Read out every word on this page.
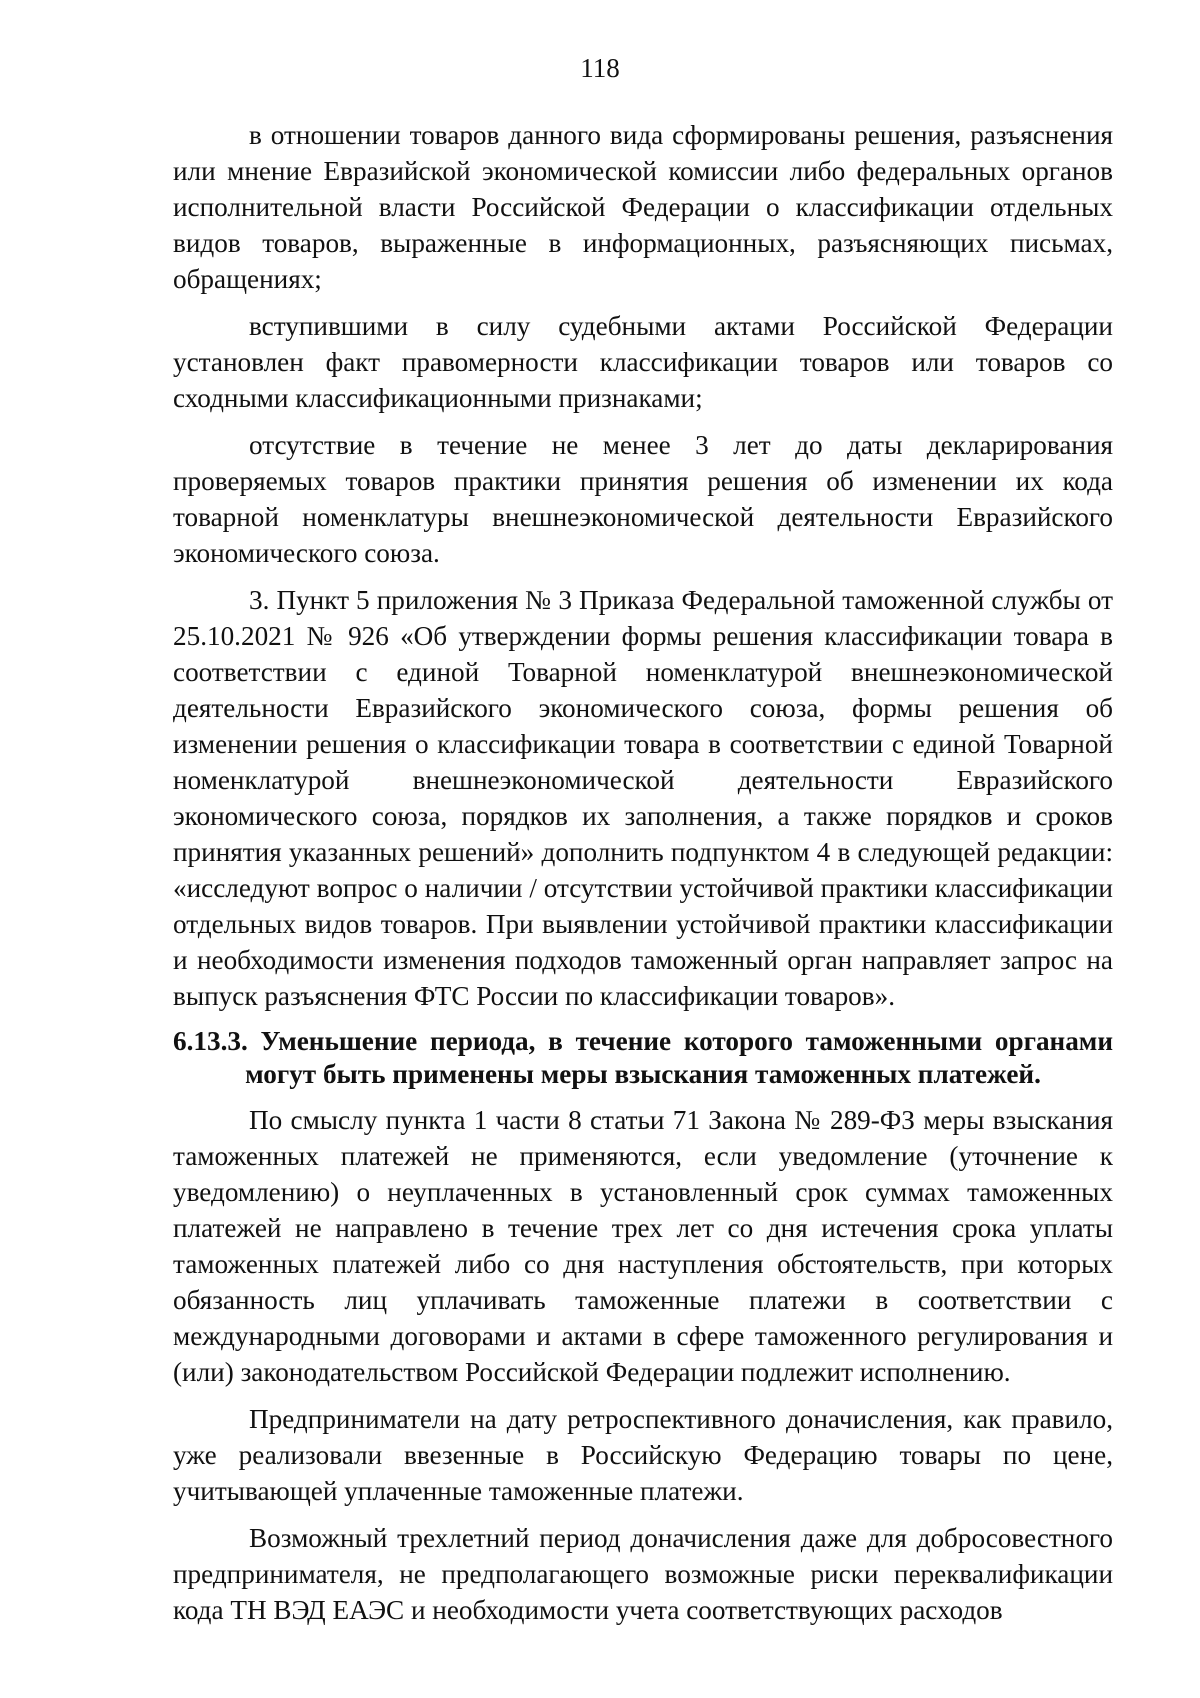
118

в отношении товаров данного вида сформированы решения, разъяснения или мнение Евразийской экономической комиссии либо федеральных органов исполнительной власти Российской Федерации о классификации отдельных видов товаров, выраженные в информационных, разъясняющих письмах, обращениях;

вступившими в силу судебными актами Российской Федерации установлен факт правомерности классификации товаров или товаров со сходными классификационными признаками;

отсутствие в течение не менее 3 лет до даты декларирования проверяемых товаров практики принятия решения об изменении их кода товарной номенклатуры внешнеэкономической деятельности Евразийского экономического союза.

3. Пункт 5 приложения № 3 Приказа Федеральной таможенной службы от 25.10.2021 № 926 «Об утверждении формы решения классификации товара в соответствии с единой Товарной номенклатурой внешнеэкономической деятельности Евразийского экономического союза, формы решения об изменении решения о классификации товара в соответствии с единой Товарной номенклатурой внешнеэкономической деятельности Евразийского экономического союза, порядков их заполнения, а также порядков и сроков принятия указанных решений» дополнить подпунктом 4 в следующей редакции: «исследуют вопрос о наличии / отсутствии устойчивой практики классификации отдельных видов товаров. При выявлении устойчивой практики классификации и необходимости изменения подходов таможенный орган направляет запрос на выпуск разъяснения ФТС России по классификации товаров».

6.13.3. Уменьшение периода, в течение которого таможенными органами
могут быть применены меры взыскания таможенных платежей.

По смыслу пункта 1 части 8 статьи 71 Закона № 289-ФЗ меры взыскания таможенных платежей не применяются, если уведомление (уточнение к уведомлению) о неуплаченных в установленный срок суммах таможенных платежей не направлено в течение трех лет со дня истечения срока уплаты таможенных платежей либо со дня наступления обстоятельств, при которых обязанность лиц уплачивать таможенные платежи в соответствии с международными договорами и актами в сфере таможенного регулирования и (или) законодательством Российской Федерации подлежит исполнению.

Предприниматели на дату ретроспективного доначисления, как правило, уже реализовали ввезенные в Российскую Федерацию товары по цене, учитывающей уплаченные таможенные платежи.

Возможный трехлетний период доначисления даже для добросовестного предпринимателя, не предполагающего возможные риски переквалификации кода ТН ВЭД ЕАЭС и необходимости учета соответствующих расходов
